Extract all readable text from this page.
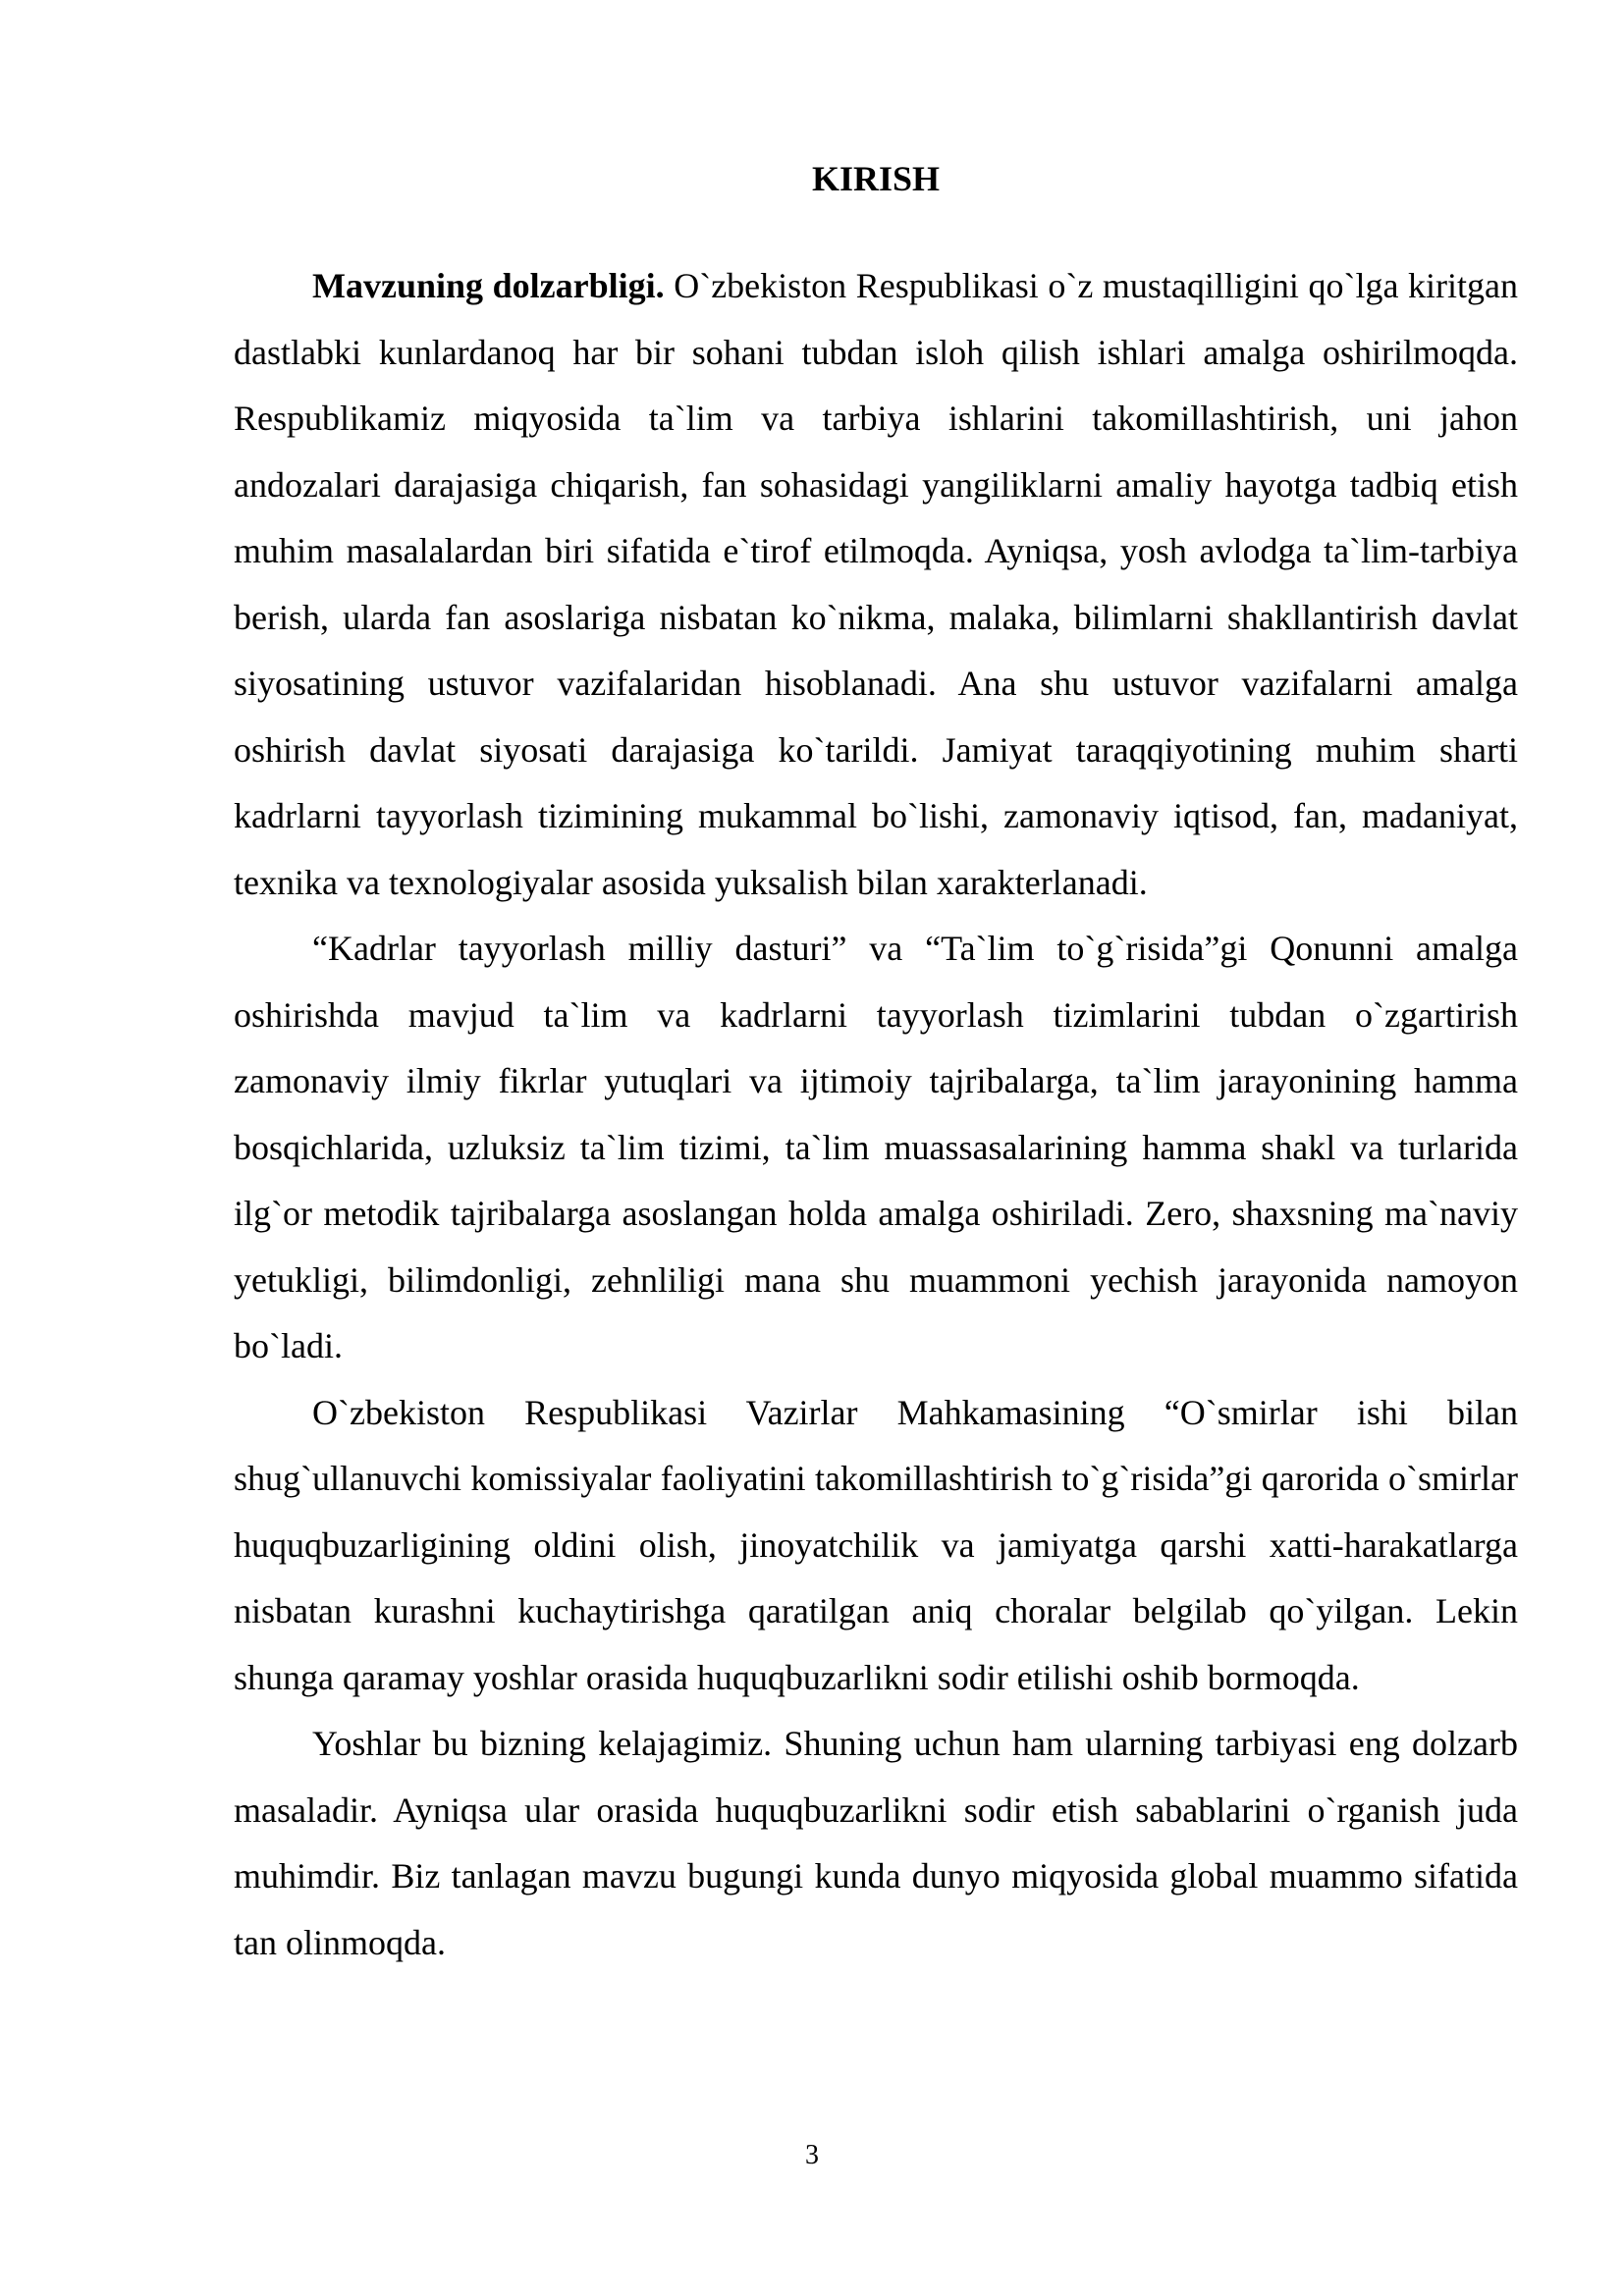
KIRISH

Mavzuning dolzarbligi. O`zbekiston Respublikasi o`z mustaqilligini qo`lga kiritgan dastlabki kunlardanoq har bir sohani tubdan isloh qilish ishlari amalga oshirilmoqda. Respublikamiz miqyosida ta`lim va tarbiya ishlarini takomillashtirish, uni jahon andozalari darajasiga chiqarish, fan sohasidagi yangiliklarni amaliy hayotga tadbiq etish muhim masalalardan biri sifatida e`tirof etilmoqda. Ayniqsa, yosh avlodga ta`lim-tarbiya berish, ularda fan asoslariga nisbatan ko`nikma, malaka, bilimlarni shakllantirish davlat siyosatining ustuvor vazifalaridan hisoblanadi. Ana shu ustuvor vazifalarni amalga oshirish davlat siyosati darajasiga ko`tarildi. Jamiyat taraqqiyotining muhim sharti kadrlarni tayyorlash tizimining mukammal bo`lishi, zamonaviy iqtisod, fan, madaniyat, texnika va texnologiyalar asosida yuksalish bilan xarakterlanadi.

“Kadrlar tayyorlash milliy dasturi” va “Ta`lim to`g`risida”gi Qonunni amalga oshirishda mavjud ta`lim va kadrlarni tayyorlash tizimlarini tubdan o`zgartirish zamonaviy ilmiy fikrlar yutuqlari va ijtimoiy tajribalarga, ta`lim jarayonining hamma bosqichlarida, uzluksiz ta`lim tizimi, ta`lim muassasalarining hamma shakl va turlarida ilg`or metodik tajribalarga asoslangan holda amalga oshiriladi. Zero, shaxsning ma`naviy yetukligi, bilimdonligi, zehnliligi mana shu muammoni yechish jarayonida namoyon bo`ladi.

O`zbekiston Respublikasi Vazirlar Mahkamasining “O`smirlar ishi bilan shug`ullanuvchi komissiyalar faoliyatini takomillashtirish to`g`risida”gi qarorida o`smirlar huquqbuzarligining oldini olish, jinoyatchilik va jamiyatga qarshi xatti-harakatlarga nisbatan kurashni kuchaytirishga qaratilgan aniq choralar belgilab qo`yilgan. Lekin shunga qaramay yoshlar orasida huquqbuzarlikni sodir etilishi oshib bormoqda.

Yoshlar bu bizning kelajagimiz. Shuning uchun ham ularning tarbiyasi eng dolzarb masaladir. Ayniqsa ular orasida huquqbuzarlikni sodir etish sabablarini o`rganish juda muhimdir. Biz tanlagan mavzu bugungi kunda dunyo miqyosida global muammo sifatida tan olinmoqda.

3
